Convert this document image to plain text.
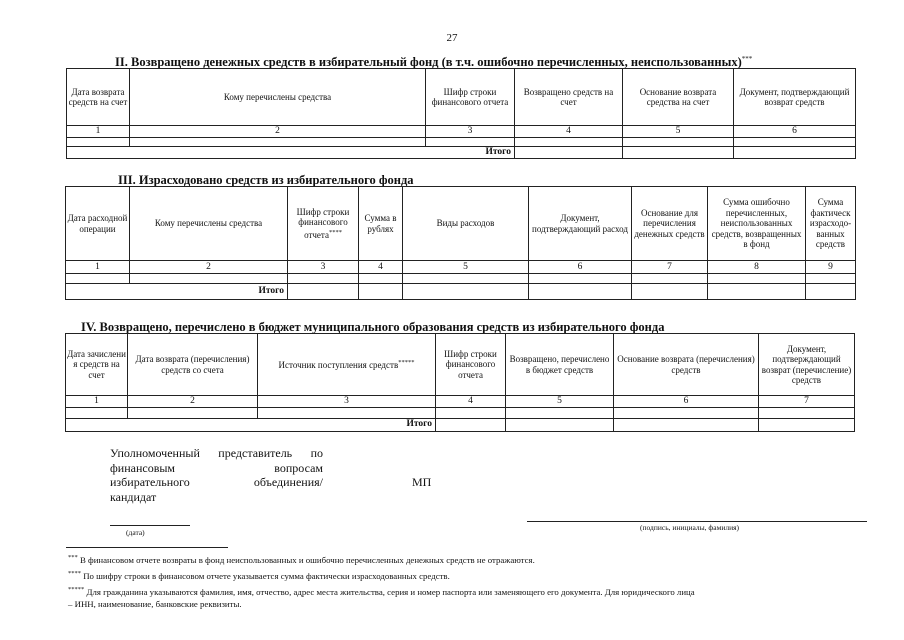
27
II. Возвращено денежных средств в избирательный фонд (в т.ч. ошибочно перечисленных, неиспользованных)***
Дата возврата средств на счет	Кому перечислены средства	Шифр строки финансового отчета	Возвращено средств на счет	Основание возврата средства на счет	Документ, подтверждающий возврат средств
1	2	3	4	5	6

Итого					
III. Израсходовано средств из избирательного фонда
Дата расходной операции	Кому перечислены средства	Шифр строки финансового отчета****	Сумма в рублях	Виды расходов	Документ, подтверждающий расход	Основание для перечисления денежных средств	Сумма ошибочно перечисленных, неиспользованных средств, возвращенных в фонд	Сумма фактическ израсходо-ванных средств
1	2	3	4	5	6	7	8	9

Итого								
IV. Возвращено, перечислено в бюджет муниципального образования средств из избирательного фонда
Дата зачислени я средств на счет	Дата возврата (перечисления) средств со счета	Источник поступления средств*****	Шифр строки финансового отчета	Возвращено, перечислено в бюджет средств	Основание возврата (перечисления) средств	Документ, подтверждающий возврат (перечисление) средств
1	2	3	4	5	6	7

Итого						
Уполномоченный представитель по
финансовым	вопросам
избирательного	объединения/
кандидат
МП
(дата)
(подпись, инициалы, фамилия)
*** В финансовом отчете возвраты в фонд неиспользованных и ошибочно перечисленных денежных средств не отражаются.
**** По шифру строки в финансовом отчете указывается сумма фактически израсходованных средств.
***** Для гражданина указываются фамилия, имя, отчество, адрес места жительства, серия и номер паспорта или заменяющего его документа. Для юридического лица
– ИНН, наименование, банковские реквизиты.
